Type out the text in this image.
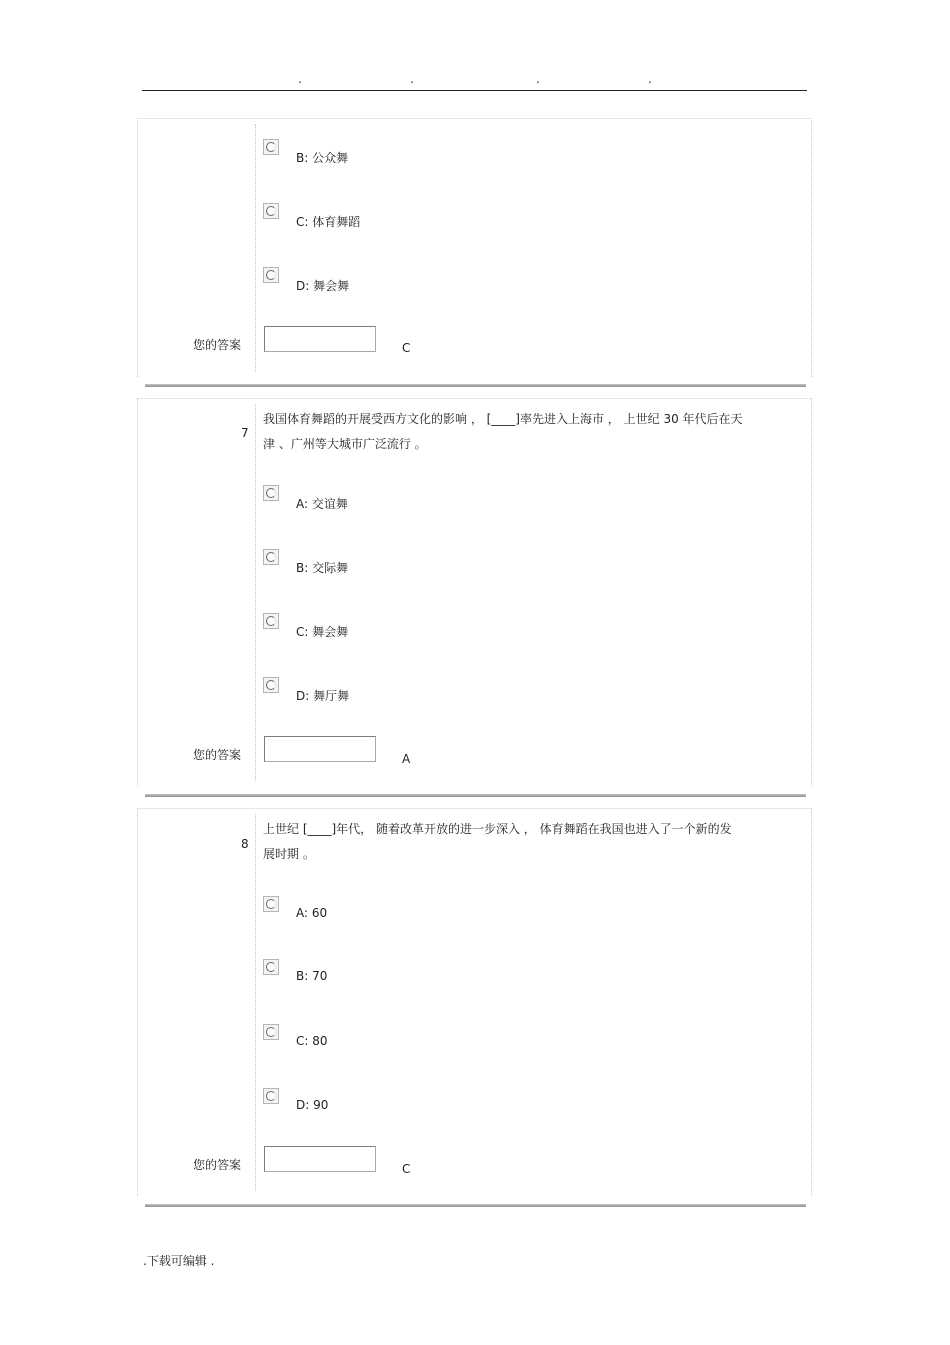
.	.	.	.
B: 公众舞
C: 体育舞蹈
D: 舞会舞
您的答案	C
7
我国体育舞蹈的开展受西方文化的影响 ， [____]率先进入上海市 ， 上世纪 30 年代后在天
津 、广州等大城市广泛流行 。
A: 交谊舞
B: 交际舞
C: 舞会舞
D: 舞厅舞
您的答案	A
8
上世纪 [____]年代， 随着改革开放的进一步深入 ， 体育舞蹈在我国也进入了一个新的发
展时期 。
A: 60
B: 70
C: 80
D: 90
您的答案	C
.下载可编辑 .
